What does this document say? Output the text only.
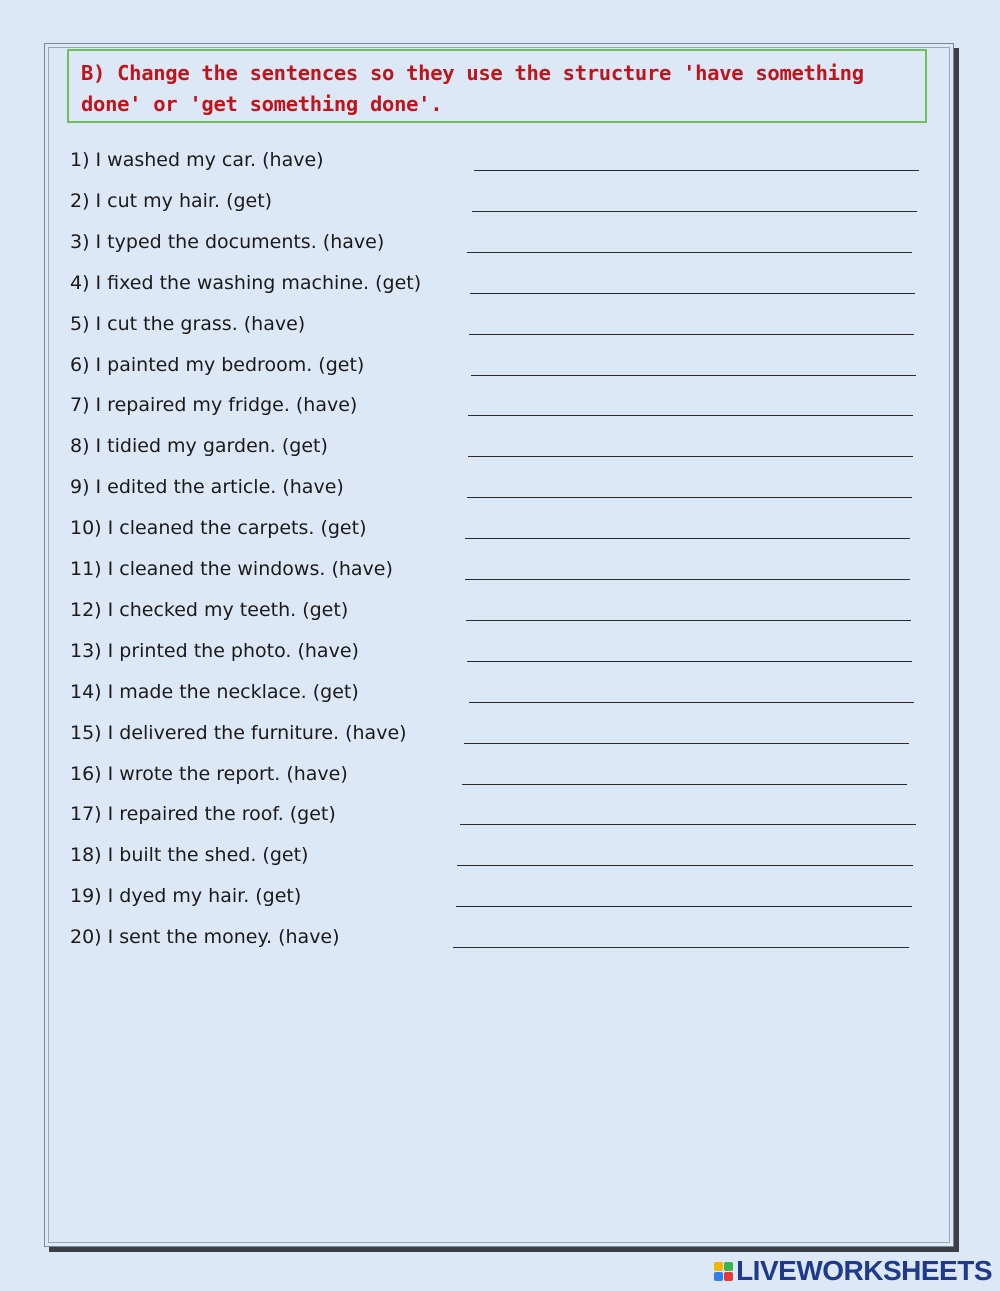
B) Change the sentences so they use the structure 'have something
done' or 'get something done'.
1) I washed my car. (have)
2) I cut my hair. (get)
3) I typed the documents. (have)
4) I fixed the washing machine. (get)
5) I cut the grass. (have)
6) I painted my bedroom. (get)
7) I repaired my fridge. (have)
8) I tidied my garden. (get)
9) I edited the article. (have)
10) I cleaned the carpets. (get)
11) I cleaned the windows. (have)
12) I checked my teeth. (get)
13) I printed the photo. (have)
14) I made the necklace. (get)
15) I delivered the furniture. (have)
16) I wrote the report. (have)
17) I repaired the roof. (get)
18) I built the shed. (get)
19) I dyed my hair. (get)
20) I sent the money. (have)
LIVEWORKSHEETS
